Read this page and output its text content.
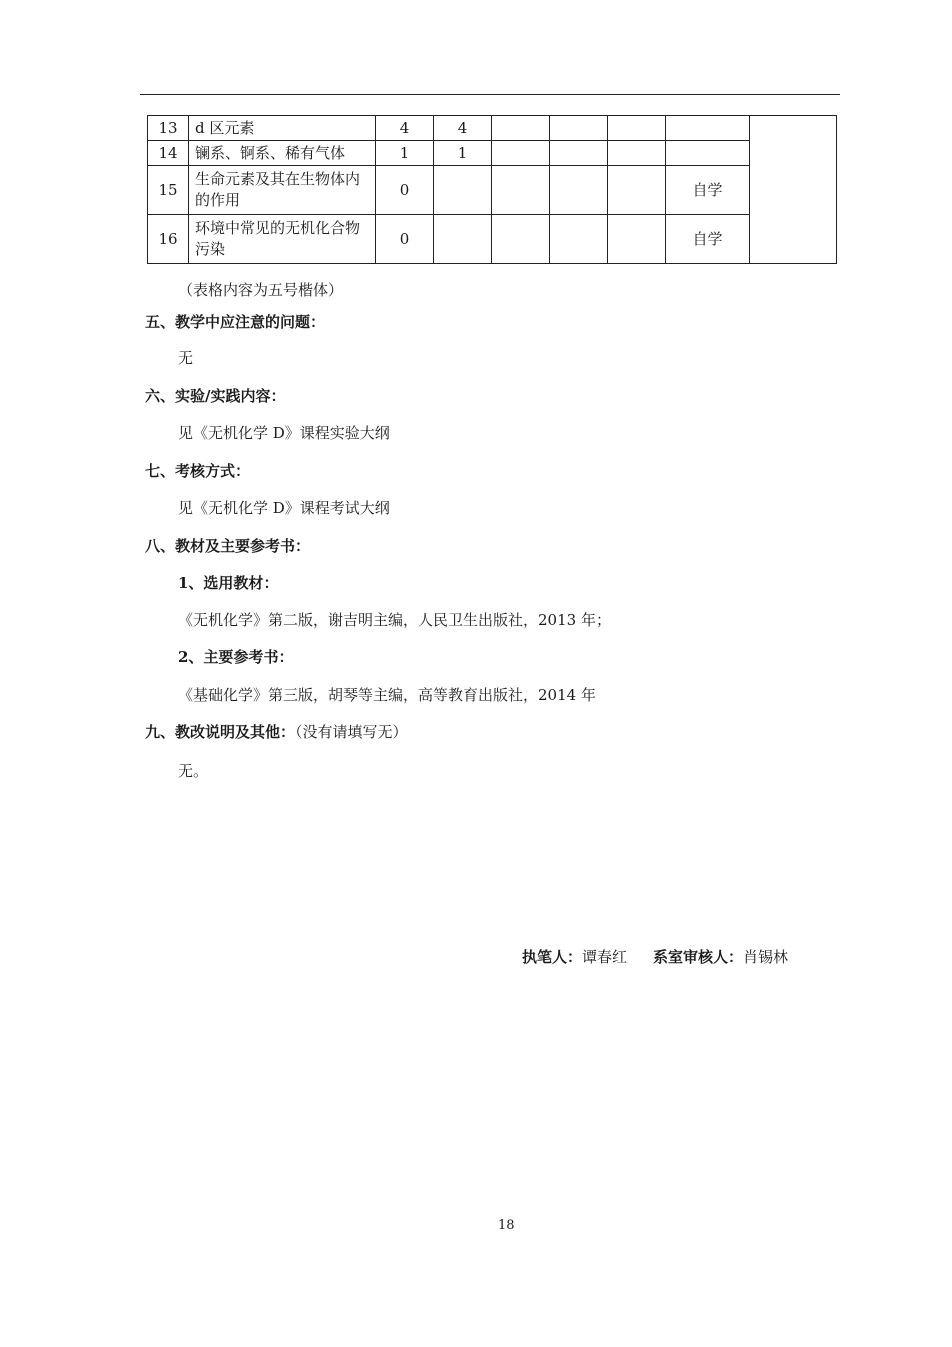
13	d 区元素	4	4					
14	镧系、锕系、稀有气体	1	1					
15	生命元素及其在生物体内的作用	0					自学	
16	环境中常见的无机化合物污染	0					自学	
（表格内容为五号楷体）
五、教学中应注意的问题：
无
六、实验/实践内容：
见《无机化学 D》课程实验大纲
七、考核方式：
见《无机化学 D》课程考试大纲
八、教材及主要参考书：
1、选用教材：
《无机化学》第二版，谢吉明主编，人民卫生出版社，2013 年；
2、主要参考书：
《基础化学》第三版，胡琴等主编，高等教育出版社，2014 年
九、教改说明及其他：（没有请填写无）
无。
执笔人：谭春红 系室审核人：肖锡林
18
